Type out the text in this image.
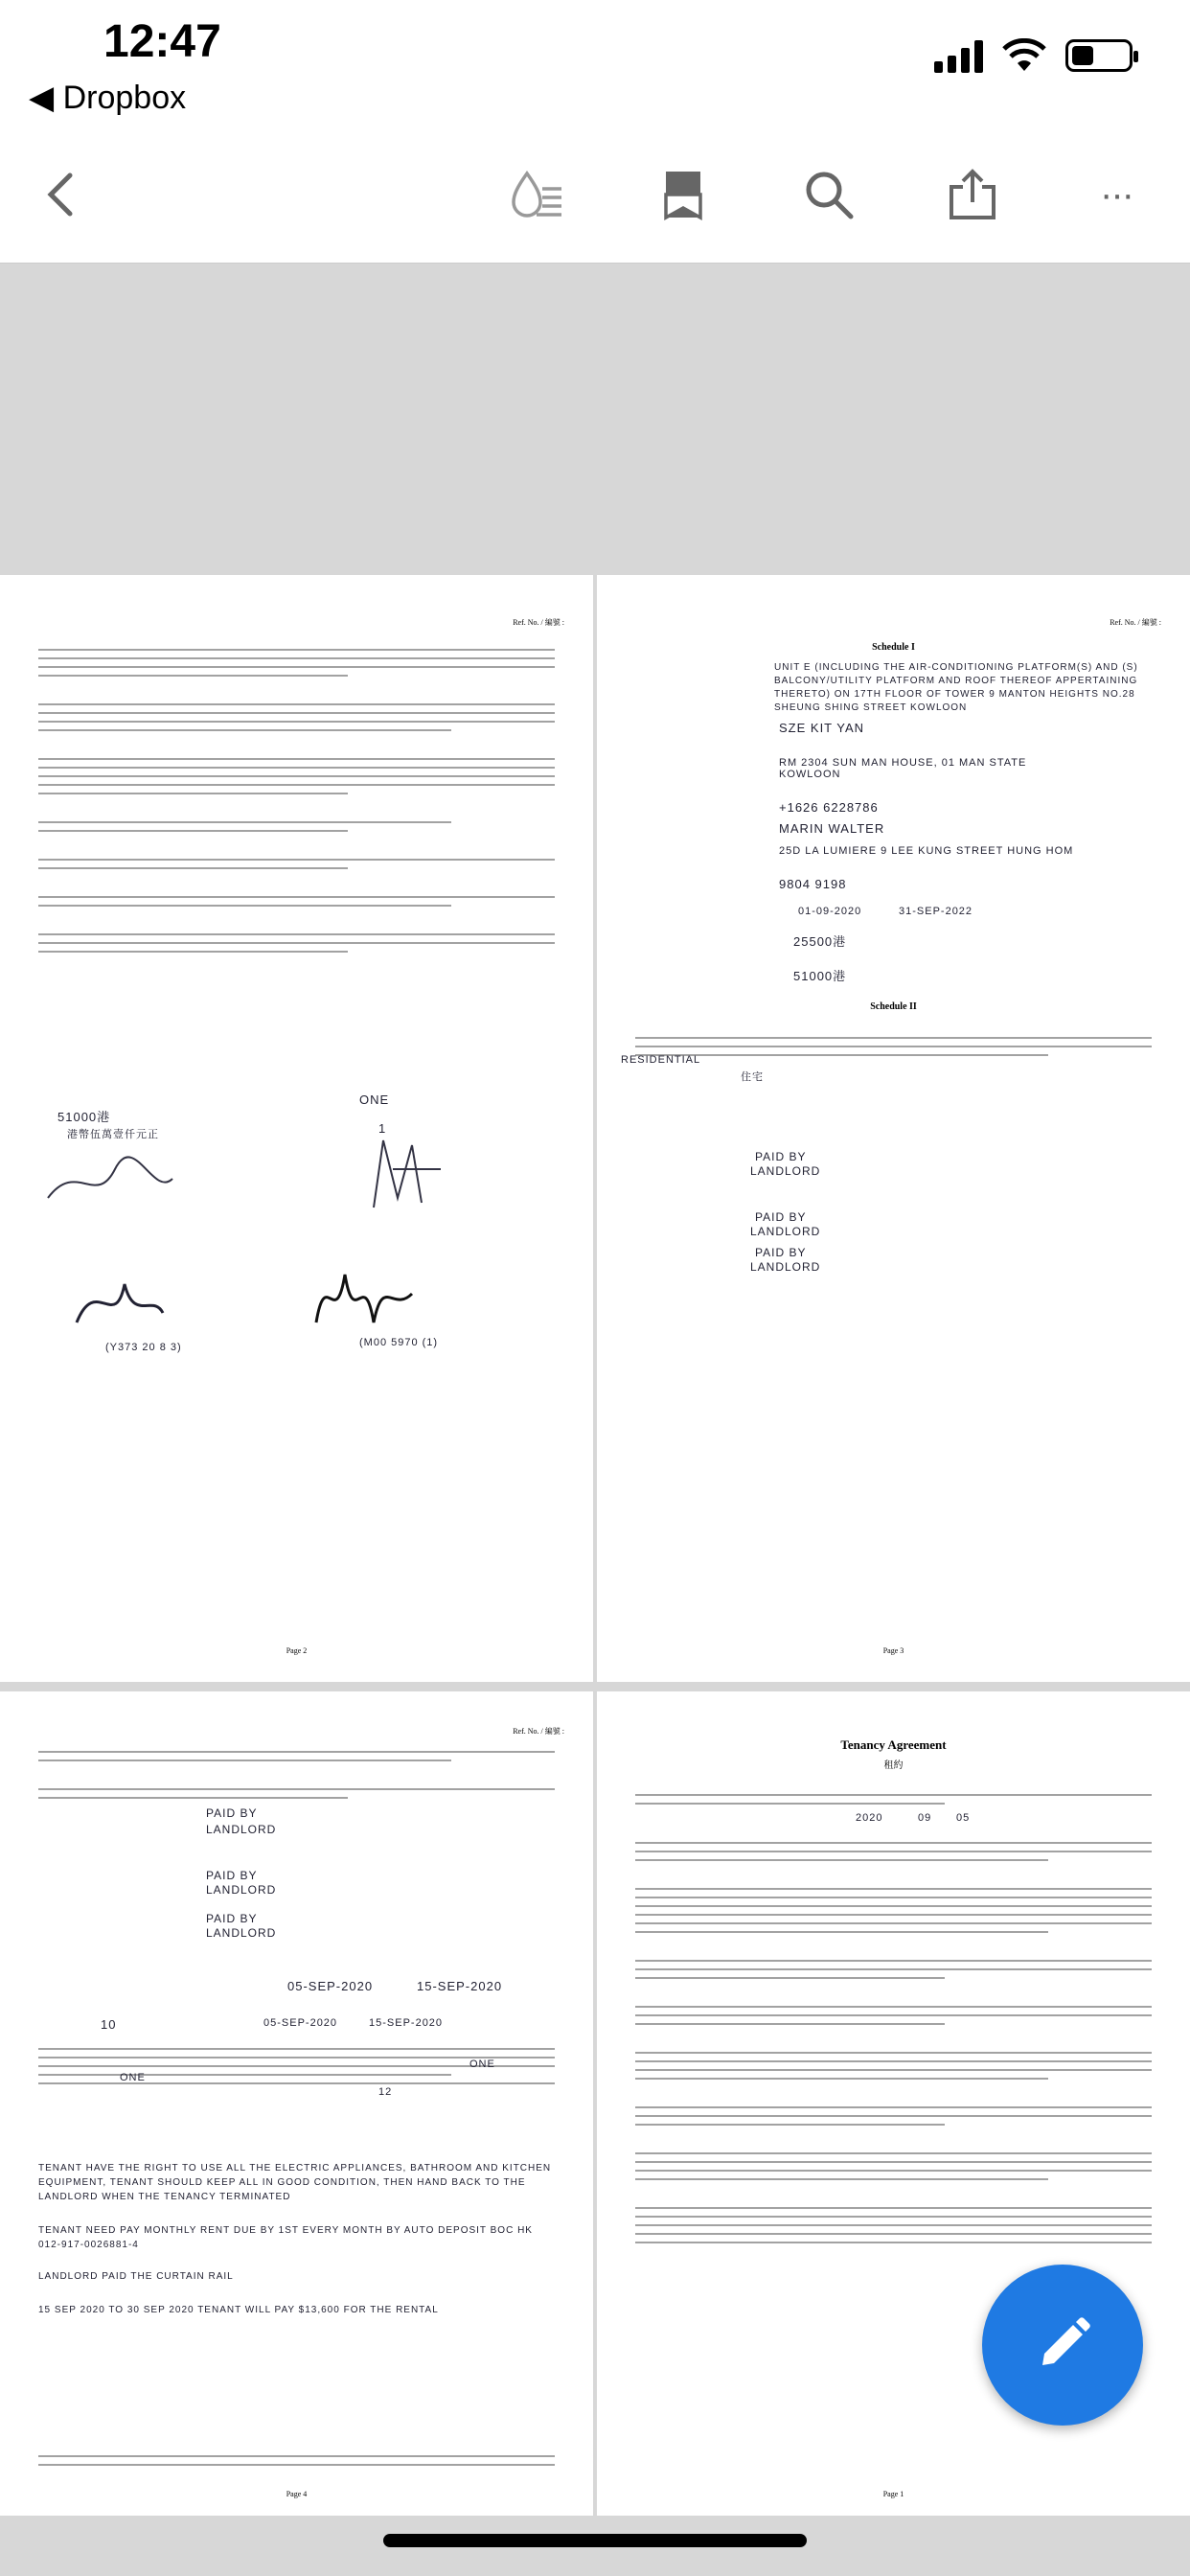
12:47
◀ Dropbox
···
Ref. No. / 編號 :
51000港
港幣伍萬壹仟元正
ONE
1
(Y373 20 8 3)	(M00 5970 (1)
Page 2
Ref. No. / 編號 :
Schedule I
UNIT E (INCLUDING THE AIR-CONDITIONING PLATFORM(S) AND (S) BALCONY/UTILITY PLATFORM AND ROOF THEREOF APPERTAINING THERETO) ON 17TH FLOOR OF TOWER 9 MANTON HEIGHTS NO.28 SHEUNG SHING STREET KOWLOON
SZE KIT YAN
RM 2304 SUN MAN HOUSE, 01 MAN STATE KOWLOON
+1626 6228786
MARIN WALTER
25D LA LUMIERE 9 LEE KUNG STREET HUNG HOM
9804 9198
01-09-2020	31-SEP-2022
25500港
51000港
Schedule II
RESIDENTIAL
住宅
PAID BY
LANDLORD
PAID BY
LANDLORD
PAID BY
LANDLORD
Page 3
Ref. No. / 編號 :
PAID BY
LANDLORD
PAID BY
LANDLORD
PAID BY
LANDLORD
05-SEP-2020	15-SEP-2020
10	05-SEP-2020	15-SEP-2020
ONE
ONE
12
TENANT HAVE THE RIGHT TO USE ALL THE ELECTRIC APPLIANCES, BATHROOM AND KITCHEN EQUIPMENT, TENANT SHOULD KEEP ALL IN GOOD CONDITION, THEN HAND BACK TO THE LANDLORD WHEN THE TENANCY TERMINATED
TENANT NEED PAY MONTHLY RENT DUE BY 1ST EVERY MONTH BY AUTO DEPOSIT BOC HK 012-917-0026881-4
LANDLORD PAID THE CURTAIN RAIL
15 SEP 2020 TO 30 SEP 2020 TENANT WILL PAY $13,600 FOR THE RENTAL
Page 4
Tenancy Agreement
租約
2020	09 05
Page 1
